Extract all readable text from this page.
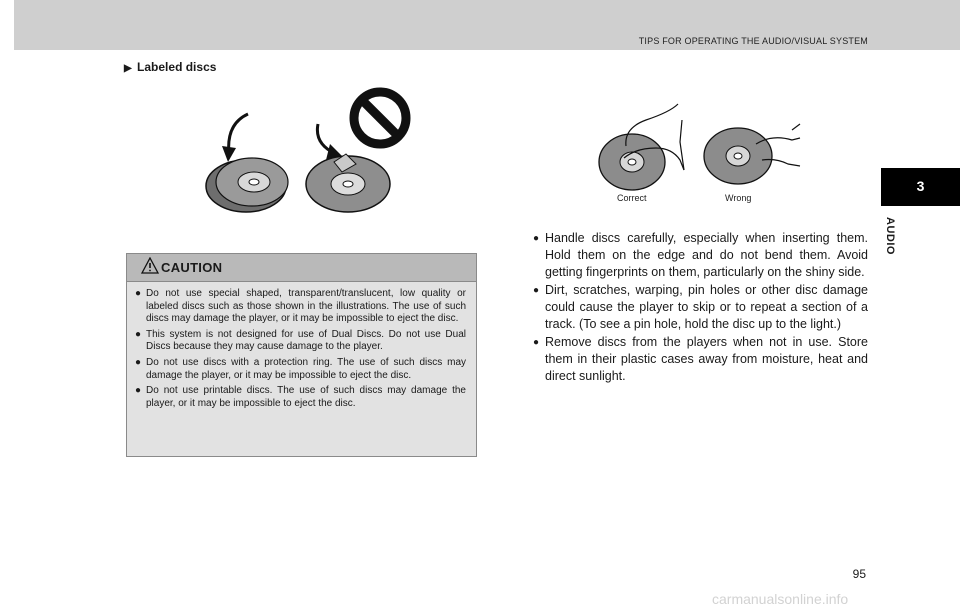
TIPS FOR OPERATING THE AUDIO/VISUAL SYSTEM
▶ Labeled discs
Correct	Wrong
CAUTION
● Do not use special shaped, transparent/translucent, low quality or labeled discs such as those shown in the illustrations. The use of such discs may damage the player, or it may be impossible to eject the disc.
● This system is not designed for use of Dual Discs. Do not use Dual Discs because they may cause damage to the player.
● Do not use discs with a protection ring. The use of such discs may damage the player, or it may be impossible to eject the disc.
● Do not use printable discs. The use of such discs may damage the player, or it may be impossible to eject the disc.
● Handle discs carefully, especially when inserting them. Hold them on the edge and do not bend them. Avoid getting fingerprints on them, particularly on the shiny side.
● Dirt, scratches, warping, pin holes or other disc damage could cause the player to skip or to repeat a section of a track. (To see a pin hole, hold the disc up to the light.)
● Remove discs from the players when not in use. Store them in their plastic cases away from moisture, heat and direct sunlight.
3
AUDIO
95
carmanualsonline.info
